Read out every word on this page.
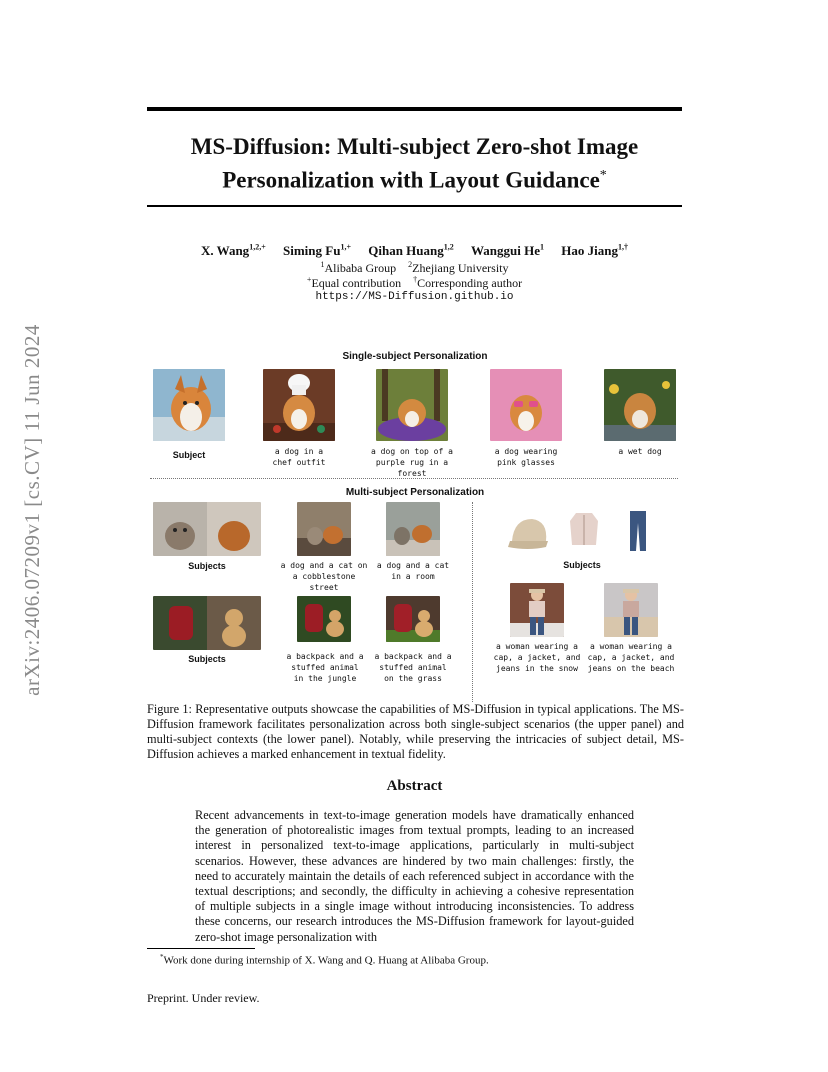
arXiv:2406.07209v1 [cs.CV] 11 Jun 2024
MS-Diffusion: Multi-subject Zero-shot Image
Personalization with Layout Guidance*
X. Wang$^{1,2,+}$ Siming $Fu^{1,+}$ Qihan Huang$^{1,2}$ Wanggui He$^1$ Hao Jiang$^{1,\dagger}$
$^1$Alibaba Group $^2$Zhejiang University
+Equal contribution †Corresponding author
https://MS-Diffusion.github.io
Single-subject Personalization
Subject	a dog in a
chef outfit
a dog on top of a
purple rug in a forest
a dog wearing
pink glasses
a wet dog
Multi-subject Personalization
Subjects	a dog and a cat on
a cobblestone street
a dog and a cat
in a room
Subjects	a backpack and a
stuffed animal
in the jungle
a backpack and a
stuffed animal
on the grass
Subjects
a woman wearing a
cap, a jacket, and
jeans in the snow
a woman wearing a
cap, a jacket, and
jeans on the beach
Figure 1: Representative outputs showcase the capabilities of MS-Diffusion in typical applications. The MS-Diffusion framework facilitates personalization across both single-subject scenarios (the upper panel) and multi-subject contexts (the lower panel). Notably, while preserving the intricacies of subject detail, MS-Diffusion achieves a marked enhancement in textual fidelity.
Abstract
Recent advancements in text-to-image generation models have dramatically enhanced the generation of photorealistic images from textual prompts, leading to an increased interest in personalized text-to-image applications, particularly in multi-subject scenarios. However, these advances are hindered by two main challenges: firstly, the need to accurately maintain the details of each referenced subject in accordance with the textual descriptions; and secondly, the difficulty in achieving a cohesive representation of multiple subjects in a single image without introducing inconsistencies. To address these concerns, our research introduces the MS-Diffusion framework for layout-guided zero-shot image personalization with
*Work done during internship of X. Wang and Q. Huang at Alibaba Group.
Preprint. Under review.
